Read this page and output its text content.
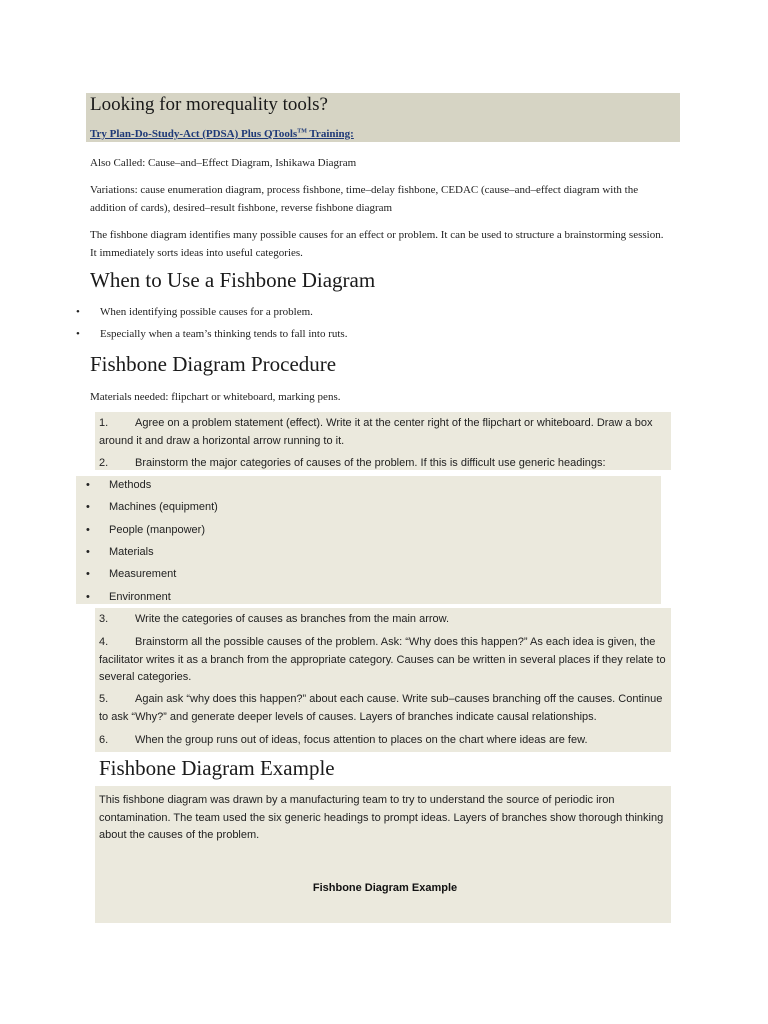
Looking for morequality tools?
Try Plan-Do-Study-Act (PDSA) Plus QTools™ Training:
Also Called: Cause–and–Effect Diagram, Ishikawa Diagram
Variations: cause enumeration diagram, process fishbone, time–delay fishbone, CEDAC (cause–and–effect diagram with the addition of cards), desired–result fishbone, reverse fishbone diagram
The fishbone diagram identifies many possible causes for an effect or problem. It can be used to structure a brainstorming session. It immediately sorts ideas into useful categories.
When to Use a Fishbone Diagram
• When identifying possible causes for a problem.
• Especially when a team’s thinking tends to fall into ruts.
Fishbone Diagram Procedure
Materials needed: flipchart or whiteboard, marking pens.
1. Agree on a problem statement (effect). Write it at the center right of the flipchart or whiteboard. Draw a box around it and draw a horizontal arrow running to it.
2. Brainstorm the major categories of causes of the problem. If this is difficult use generic headings:
• Methods
• Machines (equipment)
• People (manpower)
• Materials
• Measurement
• Environment
3. Write the categories of causes as branches from the main arrow.
4. Brainstorm all the possible causes of the problem. Ask: “Why does this happen?” As each idea is given, the facilitator writes it as a branch from the appropriate category. Causes can be written in several places if they relate to several categories.
5. Again ask “why does this happen?” about each cause. Write sub–causes branching off the causes. Continue to ask “Why?” and generate deeper levels of causes. Layers of branches indicate causal relationships.
6. When the group runs out of ideas, focus attention to places on the chart where ideas are few.
Fishbone Diagram Example
This fishbone diagram was drawn by a manufacturing team to try to understand the source of periodic iron contamination. The team used the six generic headings to prompt ideas. Layers of branches show thorough thinking about the causes of the problem.
Fishbone Diagram Example
